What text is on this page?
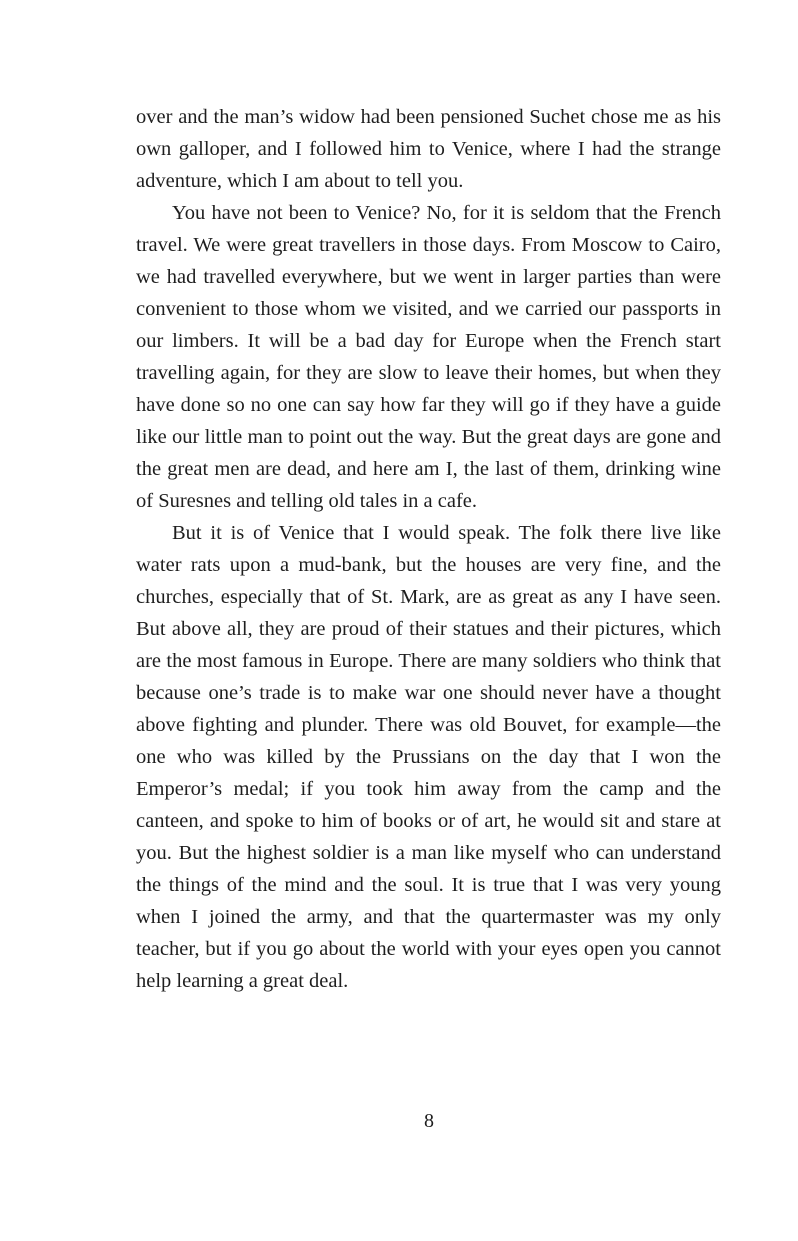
over and the man’s widow had been pensioned Suchet chose me as his own galloper, and I followed him to Venice, where I had the strange adventure, which I am about to tell you.

You have not been to Venice? No, for it is seldom that the French travel. We were great travellers in those days. From Moscow to Cairo, we had travelled everywhere, but we went in larger parties than were convenient to those whom we visited, and we carried our passports in our limbers. It will be a bad day for Europe when the French start travelling again, for they are slow to leave their homes, but when they have done so no one can say how far they will go if they have a guide like our little man to point out the way. But the great days are gone and the great men are dead, and here am I, the last of them, drinking wine of Suresnes and telling old tales in a cafe.

But it is of Venice that I would speak. The folk there live like water rats upon a mud-bank, but the houses are very fine, and the churches, especially that of St. Mark, are as great as any I have seen. But above all, they are proud of their statues and their pictures, which are the most famous in Europe. There are many soldiers who think that because one’s trade is to make war one should never have a thought above fighting and plunder. There was old Bouvet, for example—the one who was killed by the Prussians on the day that I won the Emperor’s medal; if you took him away from the camp and the canteen, and spoke to him of books or of art, he would sit and stare at you. But the highest soldier is a man like myself who can understand the things of the mind and the soul. It is true that I was very young when I joined the army, and that the quartermaster was my only teacher, but if you go about the world with your eyes open you cannot help learning a great deal.

8
